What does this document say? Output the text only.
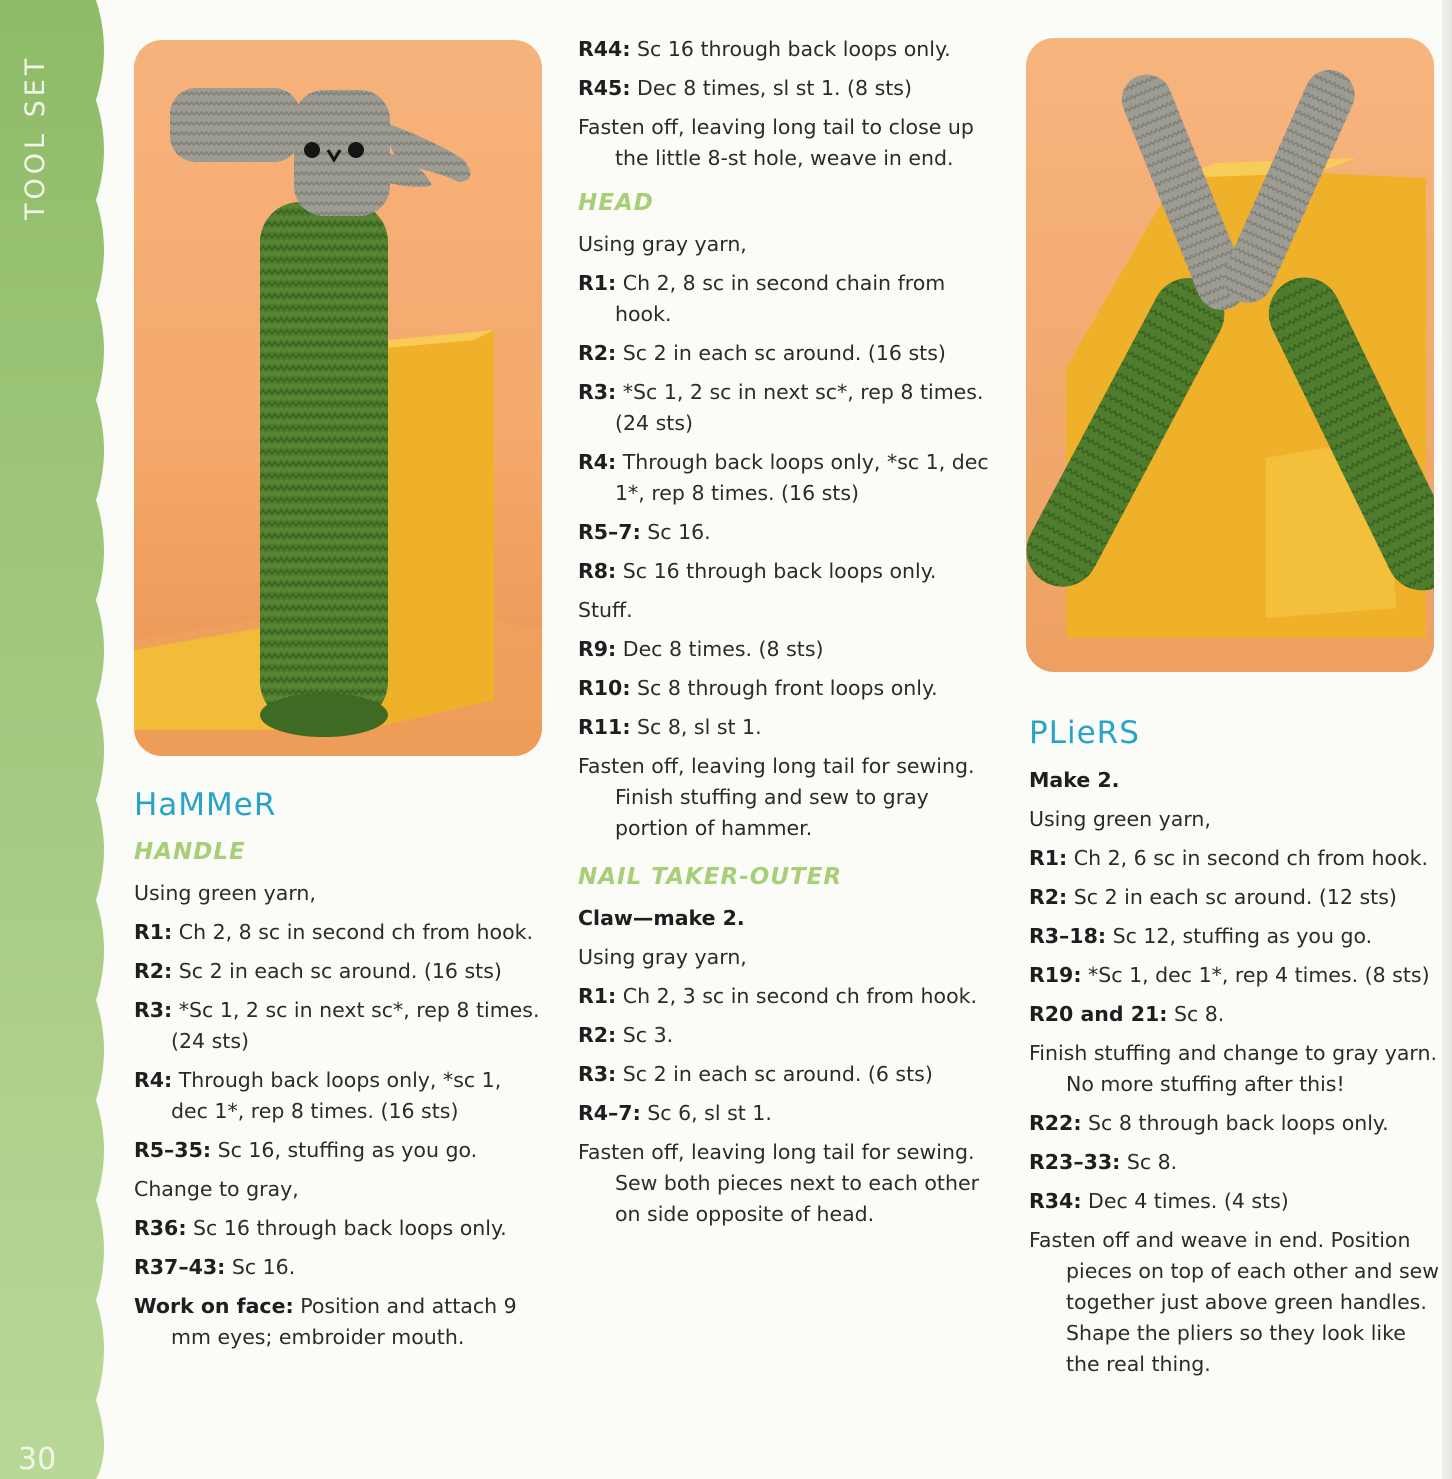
TOOL SET
30
HaMMeR
HANDLE

Using green yarn,

R1: Ch 2, 8 sc in second ch from hook.

R2: Sc 2 in each sc around. (16 sts)

R3: *Sc 1, 2 sc in next sc*, rep 8 times. (24 sts)

R4: Through back loops only, *sc 1, dec 1*, rep 8 times. (16 sts)

R5–35: Sc 16, stuffing as you go.

Change to gray,

R36: Sc 16 through back loops only.

R37–43: Sc 16.

Work on face: Position and attach 9 mm eyes; embroider mouth.

R44: Sc 16 through back loops only.

R45: Dec 8 times, sl st 1. (8 sts)

Fasten off, leaving long tail to close up the little 8-st hole, weave in end.

HEAD

Using gray yarn,

R1: Ch 2, 8 sc in second chain from hook.

R2: Sc 2 in each sc around. (16 sts)

R3: *Sc 1, 2 sc in next sc*, rep 8 times. (24 sts)

R4: Through back loops only, *sc 1, dec 1*, rep 8 times. (16 sts)

R5–7: Sc 16.

R8: Sc 16 through back loops only.

Stuff.

R9: Dec 8 times. (8 sts)

R10: Sc 8 through front loops only.

R11: Sc 8, sl st 1.

Fasten off, leaving long tail for sewing. Finish stuffing and sew to gray portion of hammer.

NAIL TAKER-OUTER

Claw—make 2.

Using gray yarn,

R1: Ch 2, 3 sc in second ch from hook.

R2: Sc 3.

R3: Sc 2 in each sc around. (6 sts)

R4–7: Sc 6, sl st 1.

Fasten off, leaving long tail for sewing. Sew both pieces next to each other on side opposite of head.

PLieRS

Make 2.

Using green yarn,

R1: Ch 2, 6 sc in second ch from hook.

R2: Sc 2 in each sc around. (12 sts)

R3–18: Sc 12, stuffing as you go.

R19: *Sc 1, dec 1*, rep 4 times. (8 sts)

R20 and 21: Sc 8.

Finish stuffing and change to gray yarn. No more stuffing after this!

R22: Sc 8 through back loops only.

R23–33: Sc 8.

R34: Dec 4 times. (4 sts)

Fasten off and weave in end. Position pieces on top of each other and sew together just above green handles. Shape the pliers so they look like the real thing.
